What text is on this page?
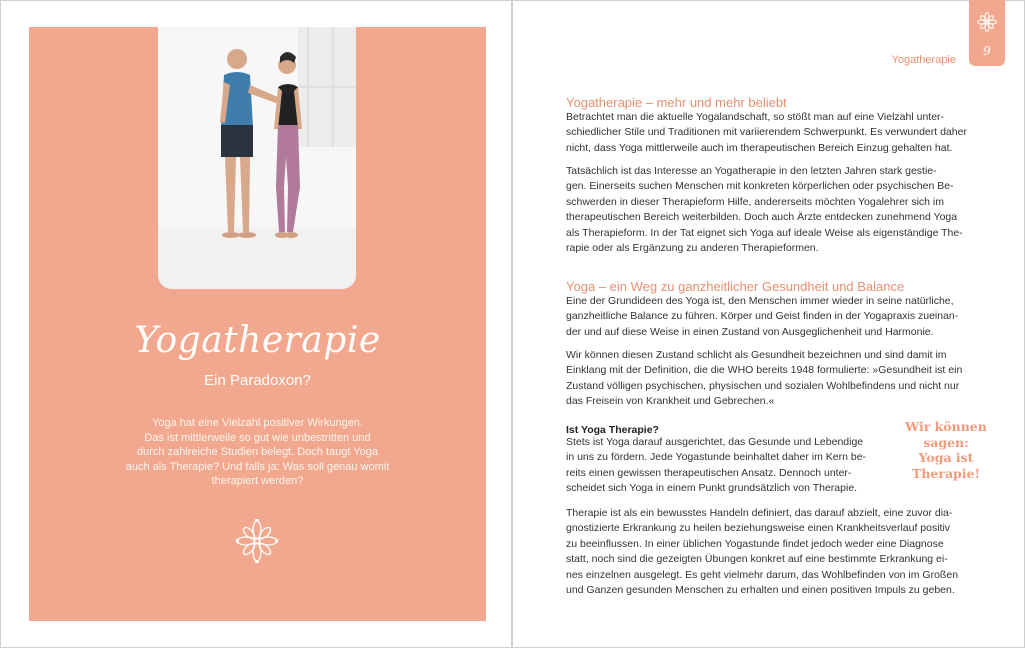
Yogatherapie
Ein Paradoxon?
Yoga hat eine Vielzahl positiver Wirkungen.
Das ist mittlerweile so gut wie unbestritten und
durch zahlreiche Studien belegt. Doch taugt Yoga
auch als Therapie? Und falls ja: Was soll genau womit
therapiert werden?
9
Yogatherapie
Yogatherapie – mehr und mehr beliebt
Betrachtet man die aktuelle Yogalandschaft, so stößt man auf eine Vielzahl unter-
schiedlicher Stile und Traditionen mit variierendem Schwerpunkt. Es verwundert daher
nicht, dass Yoga mittlerweile auch im therapeutischen Bereich Einzug gehalten hat.
Tatsächlich ist das Interesse an Yogatherapie in den letzten Jahren stark gestie-
gen. Einerseits suchen Menschen mit konkreten körperlichen oder psychischen Be-
schwerden in dieser Therapieform Hilfe, andererseits möchten Yogalehrer sich im
therapeutischen Bereich weiterbilden. Doch auch Ärzte entdecken zunehmend Yoga
als Therapieform. In der Tat eignet sich Yoga auf ideale Weise als eigenständige The-
rapie oder als Ergänzung zu anderen Therapieformen.
Yoga – ein Weg zu ganzheitlicher Gesundheit und Balance
Eine der Grundideen des Yoga ist, den Menschen immer wieder in seine natürliche,
ganzheitliche Balance zu führen. Körper und Geist finden in der Yogapraxis zueinan-
der und auf diese Weise in einen Zustand von Ausgeglichenheit und Harmonie.
Wir können diesen Zustand schlicht als Gesundheit bezeichnen und sind damit im
Einklang mit der Definition, die die WHO bereits 1948 formulierte: »Gesundheit ist ein
Zustand völligen psychischen, physischen und sozialen Wohlbefindens und nicht nur
das Freisein von Krankheit und Gebrechen.«
Ist Yoga Therapie?
Stets ist Yoga darauf ausgerichtet, das Gesunde und Lebendige
in uns zu fördern. Jede Yogastunde beinhaltet daher im Kern be-
reits einen gewissen therapeutischen Ansatz. Dennoch unter-
scheidet sich Yoga in einem Punkt grundsätzlich von Therapie.
Therapie ist als ein bewusstes Handeln definiert, das darauf abzielt, eine zuvor dia-
gnostizierte Erkrankung zu heilen beziehungsweise einen Krankheitsverlauf positiv
zu beeinflussen. In einer üblichen Yogastunde findet jedoch weder eine Diagnose
statt, noch sind die gezeigten Übungen konkret auf eine bestimmte Erkrankung ei-
nes einzelnen ausgelegt. Es geht vielmehr darum, das Wohlbefinden von im Großen
und Ganzen gesunden Menschen zu erhalten und einen positiven Impuls zu geben.
Wir können
sagen:
Yoga ist
Therapie!
